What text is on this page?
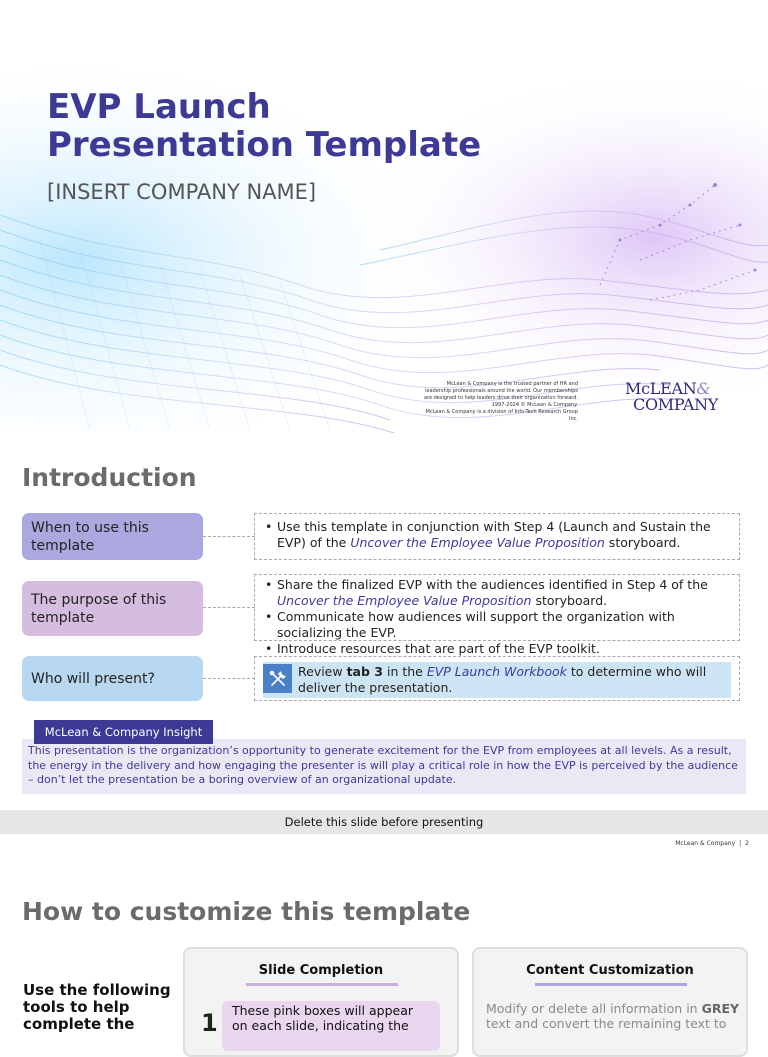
EVP Launch
Presentation Template
[INSERT COMPANY NAME]
McLean & Company is the trusted partner of HR and
leadership professionals around the world. Our memberships
are designed to help leaders drive their organization forward.
1997-2024 © McLean & Company.
McLean & Company is a division of Info-Tech Research Group
Inc.
McLEAN&
COMPANY
Introduction
When to use this template
• Use this template in conjunction with Step 4 (Launch and Sustain the EVP) of the Uncover the Employee Value Proposition storyboard.
The purpose of this template
• Share the finalized EVP with the audiences identified in Step 4 of the Uncover the Employee Value Proposition storyboard.
• Communicate how audiences will support the organization with socializing the EVP.
• Introduce resources that are part of the EVP toolkit.
Who will present?	Review tab 3 in the EVP Launch Workbook to determine who will deliver the presentation.
This presentation is the organization’s opportunity to generate excitement for the EVP from employees at all levels. As a result, the energy in the delivery and how engaging the presenter is will play a critical role in how the EVP is perceived by the audience – don’t let the presentation be a boring overview of an organizational update.
McLean & Company Insight
Delete this slide before presenting
McLean & Company | 2
How to customize this template
Use the following tools to help complete the
Slide Completion
1	These pink boxes will appear on each slide, indicating the
Content Customization
Modify or delete all information in GREY text and convert the remaining text to
